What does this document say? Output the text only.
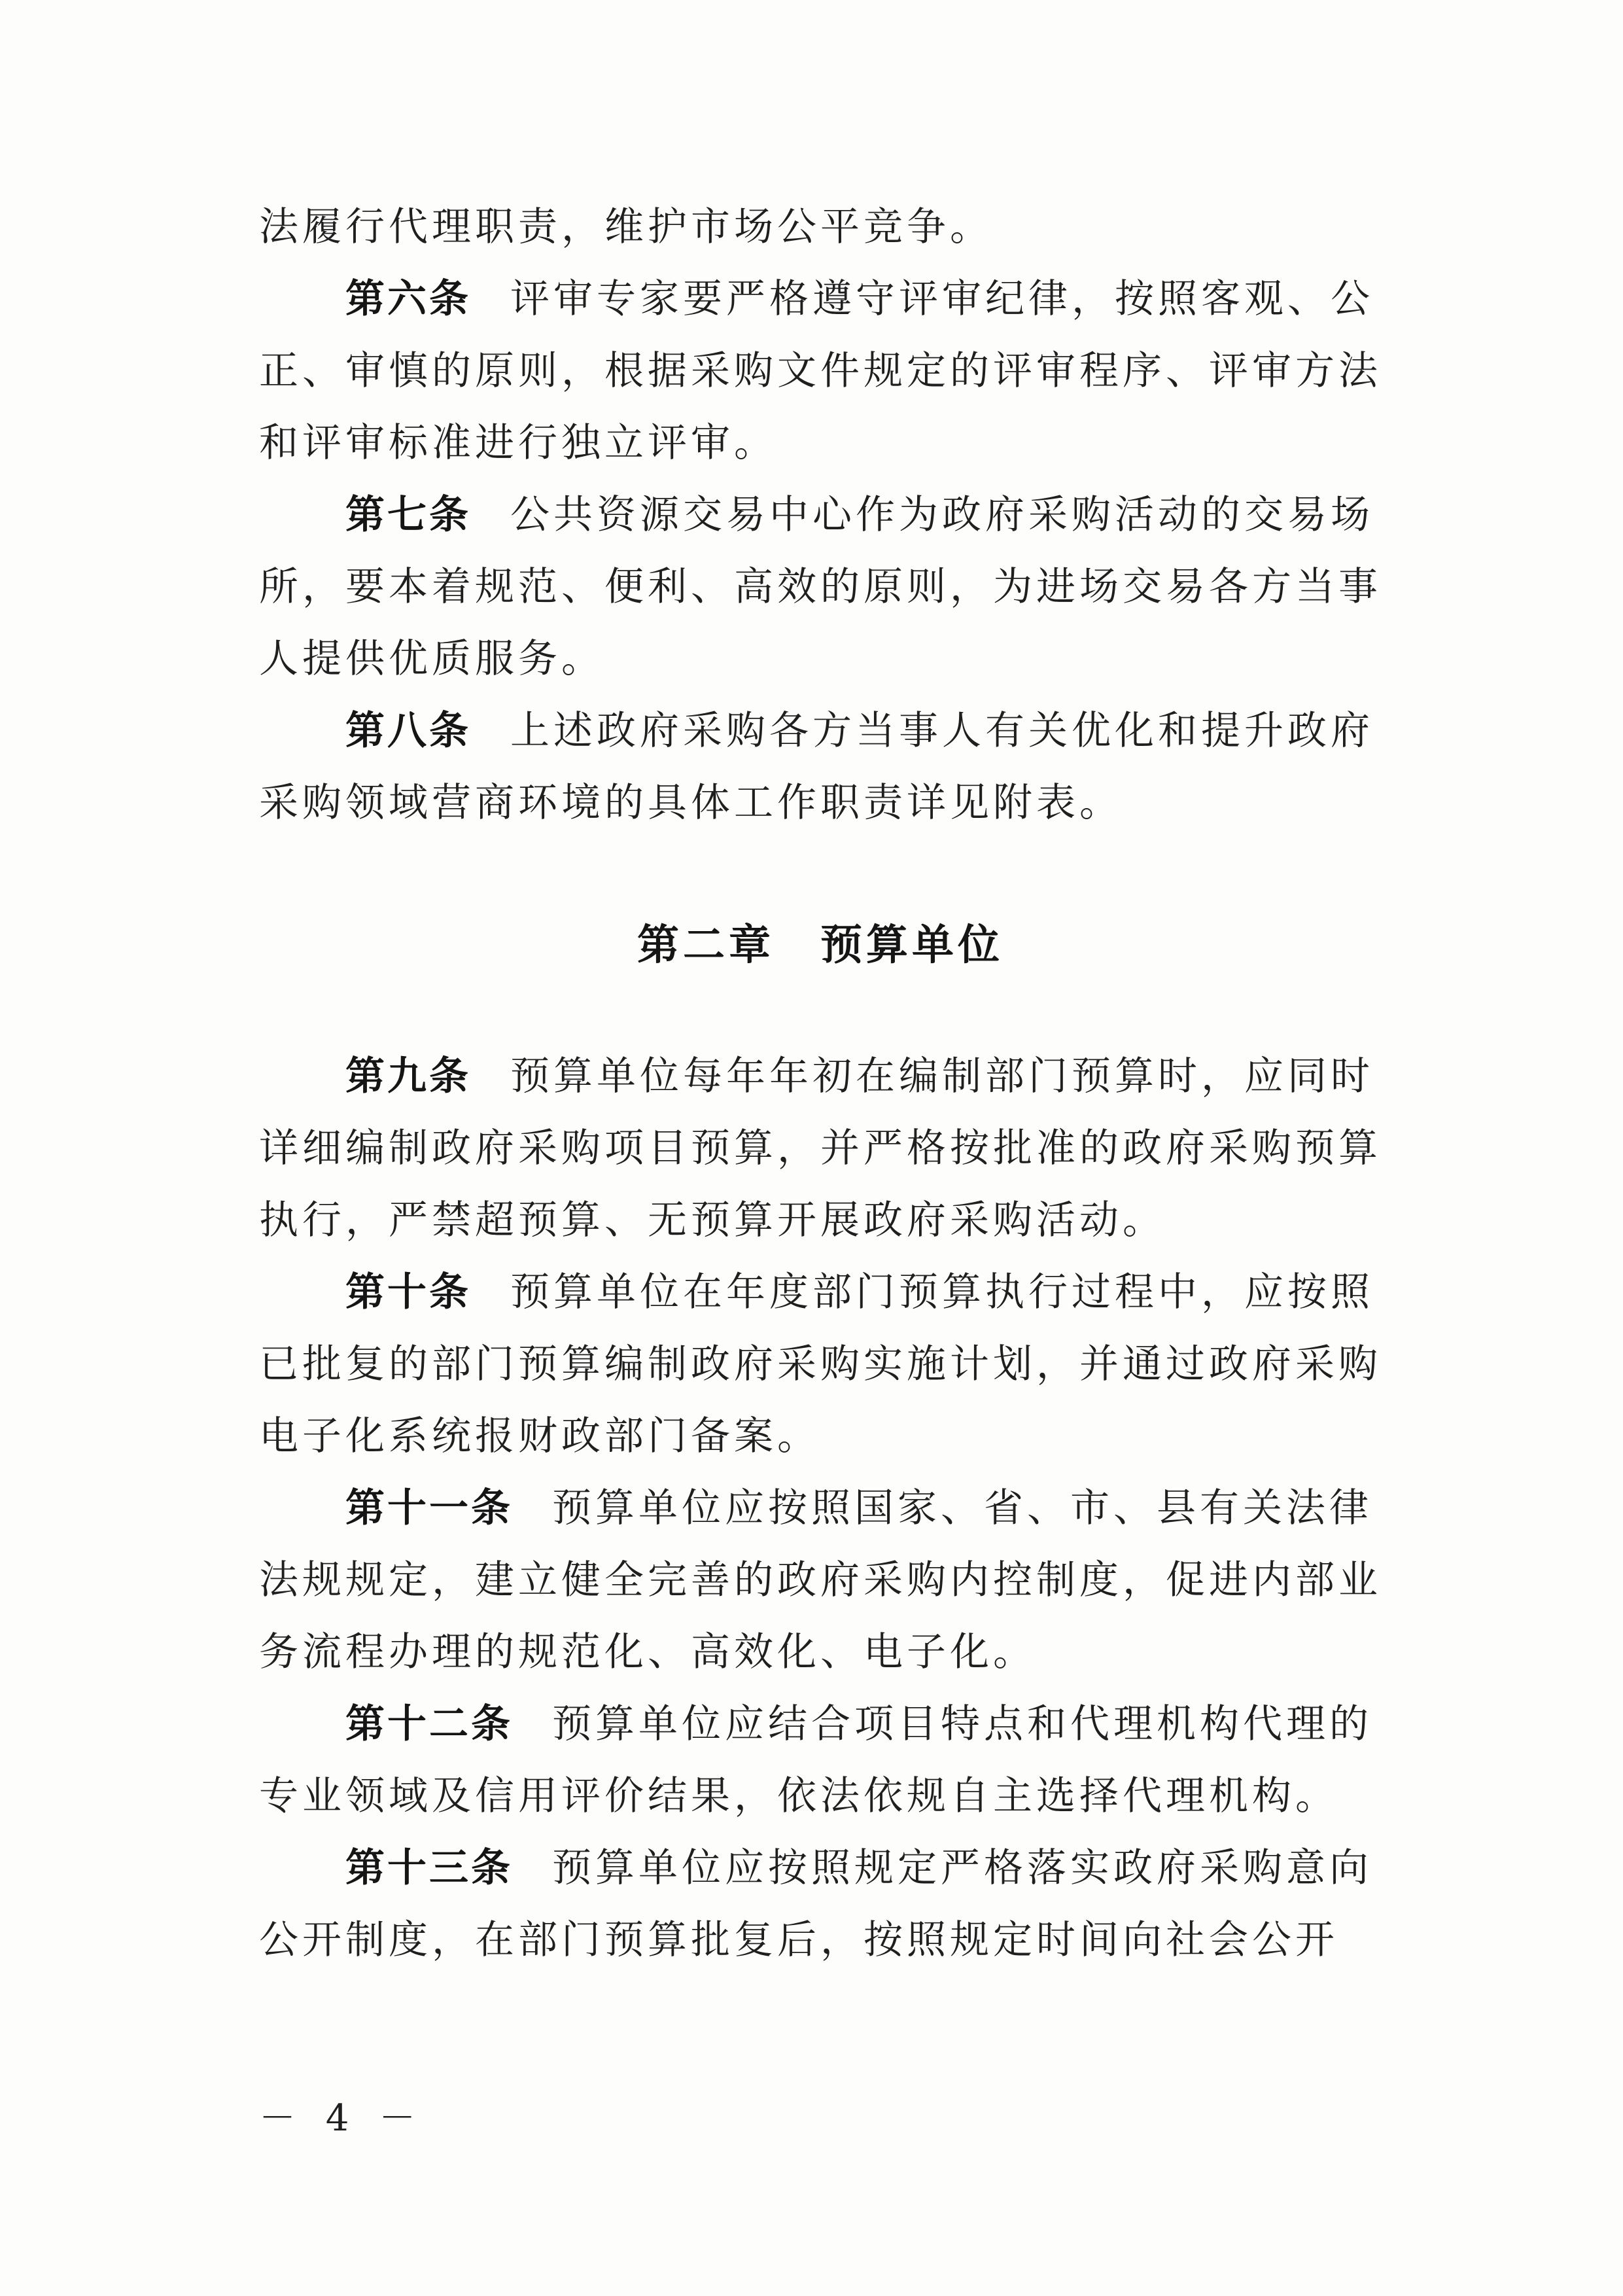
法履行代理职责，维护市场公平竞争。

第六条 评审专家要严格遵守评审纪律，按照客观、公正、审慎的原则，根据采购文件规定的评审程序、评审方法和评审标准进行独立评审。

第七条 公共资源交易中心作为政府采购活动的交易场所，要本着规范、便利、高效的原则，为进场交易各方当事人提供优质服务。

第八条 上述政府采购各方当事人有关优化和提升政府采购领域营商环境的具体工作职责详见附表。

第二章 预算单位

第九条 预算单位每年年初在编制部门预算时，应同时详细编制政府采购项目预算，并严格按批准的政府采购预算执行，严禁超预算、无预算开展政府采购活动。

第十条 预算单位在年度部门预算执行过程中，应按照已批复的部门预算编制政府采购实施计划，并通过政府采购电子化系统报财政部门备案。

第十一条 预算单位应按照国家、省、市、县有关法律法规规定，建立健全完善的政府采购内控制度，促进内部业务流程办理的规范化、高效化、电子化。

第十二条 预算单位应结合项目特点和代理机构代理的专业领域及信用评价结果，依法依规自主选择代理机构。

第十三条 预算单位应按照规定严格落实政府采购意向公开制度，在部门预算批复后，按照规定时间向社会公开

－ 4 －
